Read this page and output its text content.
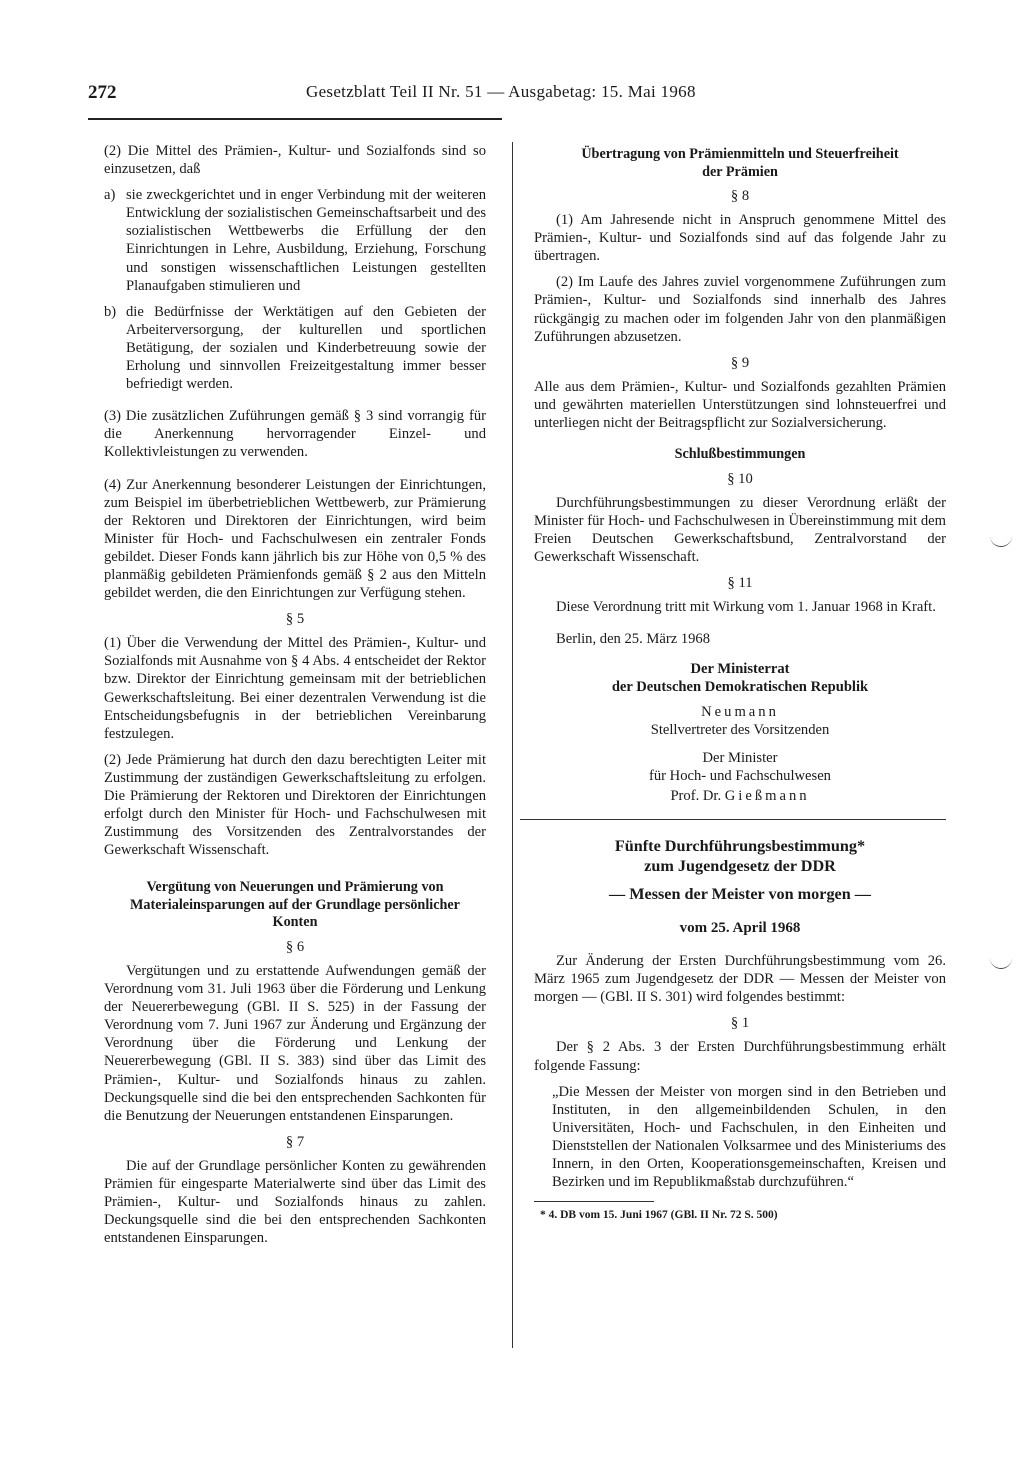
272	Gesetzblatt Teil II Nr. 51 — Ausgabetag: 15. Mai 1968

(2) Die Mittel des Prämien-, Kultur- und Sozialfonds sind so einzusetzen, daß

a) sie zweckgerichtet und in enger Verbindung mit der weiteren Entwicklung der sozialistischen Gemeinschaftsarbeit und des sozialistischen Wettbewerbs die Erfüllung der den Einrichtungen in Lehre, Ausbildung, Erziehung, Forschung und sonstigen wissenschaftlichen Leistungen gestellten Planaufgaben stimulieren und
b) die Bedürfnisse der Werktätigen auf den Gebieten der Arbeiterversorgung, der kulturellen und sportlichen Betätigung, der sozialen und Kinderbetreuung sowie der Erholung und sinnvollen Freizeitgestaltung immer besser befriedigt werden.

(3) Die zusätzlichen Zuführungen gemäß § 3 sind vorrangig für die Anerkennung hervorragender Einzel- und Kollektivleistungen zu verwenden.

(4) Zur Anerkennung besonderer Leistungen der Einrichtungen, zum Beispiel im überbetrieblichen Wettbewerb, zur Prämierung der Rektoren und Direktoren der Einrichtungen, wird beim Minister für Hoch- und Fachschulwesen ein zentraler Fonds gebildet. Dieser Fonds kann jährlich bis zur Höhe von 0,5 % des planmäßig gebildeten Prämienfonds gemäß § 2 aus den Mitteln gebildet werden, die den Einrichtungen zur Verfügung stehen.

§ 5

(1) Über die Verwendung der Mittel des Prämien-, Kultur- und Sozialfonds mit Ausnahme von § 4 Abs. 4 entscheidet der Rektor bzw. Direktor der Einrichtung gemeinsam mit der betrieblichen Gewerkschaftsleitung. Bei einer dezentralen Verwendung ist die Entscheidungsbefugnis in der betrieblichen Vereinbarung festzulegen.

(2) Jede Prämierung hat durch den dazu berechtigten Leiter mit Zustimmung der zuständigen Gewerkschaftsleitung zu erfolgen. Die Prämierung der Rektoren und Direktoren der Einrichtungen erfolgt durch den Minister für Hoch- und Fachschulwesen mit Zustimmung des Vorsitzenden des Zentralvorstandes der Gewerkschaft Wissenschaft.

Vergütung von Neuerungen und Prämierung von Materialeinsparungen auf der Grundlage persönlicher Konten
§ 6

Vergütungen und zu erstattende Aufwendungen gemäß der Verordnung vom 31. Juli 1963 über die Förderung und Lenkung der Neuererbewegung (GBl. II S. 525) in der Fassung der Verordnung vom 7. Juni 1967 zur Änderung und Ergänzung der Verordnung über die Förderung und Lenkung der Neuererbewegung (GBl. II S. 383) sind über das Limit des Prämien-, Kultur- und Sozialfonds hinaus zu zahlen. Deckungsquelle sind die bei den entsprechenden Sachkonten für die Benutzung der Neuerungen entstandenen Einsparungen.

§ 7

Die auf der Grundlage persönlicher Konten zu gewährenden Prämien für eingesparte Materialwerte sind über das Limit des Prämien-, Kultur- und Sozialfonds hinaus zu zahlen. Deckungsquelle sind die bei den entsprechenden Sachkonten entstandenen Einsparungen.

Übertragung von Prämienmitteln und Steuerfreiheit der Prämien
§ 8

(1) Am Jahresende nicht in Anspruch genommene Mittel des Prämien-, Kultur- und Sozialfonds sind auf das folgende Jahr zu übertragen.

(2) Im Laufe des Jahres zuviel vorgenommene Zuführungen zum Prämien-, Kultur- und Sozialfonds sind innerhalb des Jahres rückgängig zu machen oder im folgenden Jahr von den planmäßigen Zuführungen abzusetzen.

§ 9

Alle aus dem Prämien-, Kultur- und Sozialfonds gezahlten Prämien und gewährten materiellen Unterstützungen sind lohnsteuerfrei und unterliegen nicht der Beitragspflicht zur Sozialversicherung.

Schlußbestimmungen
§ 10

Durchführungsbestimmungen zu dieser Verordnung erläßt der Minister für Hoch- und Fachschulwesen in Übereinstimmung mit dem Freien Deutschen Gewerkschaftsbund, Zentralvorstand der Gewerkschaft Wissenschaft.

§ 11

Diese Verordnung tritt mit Wirkung vom 1. Januar 1968 in Kraft.

Berlin, den 25. März 1968

Der Ministerrat
der Deutschen Demokratischen Republik
Neumann
Stellvertreter des Vorsitzenden
Der Minister
für Hoch- und Fachschulwesen
Prof. Dr. Gießmann
Fünfte Durchführungsbestimmung*
zum Jugendgesetz der DDR
— Messen der Meister von morgen —
vom 25. April 1968

Zur Änderung der Ersten Durchführungsbestimmung vom 26. März 1965 zum Jugendgesetz der DDR — Messen der Meister von morgen — (GBl. II S. 301) wird folgendes bestimmt:

§ 1

Der § 2 Abs. 3 der Ersten Durchführungsbestimmung erhält folgende Fassung:

„Die Messen der Meister von morgen sind in den Betrieben und Instituten, in den allgemeinbildenden Schulen, in den Universitäten, Hoch- und Fachschulen, in den Einheiten und Dienststellen der Nationalen Volksarmee und des Ministeriums des Innern, in den Orten, Kooperationsgemeinschaften, Kreisen und Bezirken und im Republikmaßstab durchzuführen.“

* 4. DB vom 15. Juni 1967 (GBl. II Nr. 72 S. 500)
